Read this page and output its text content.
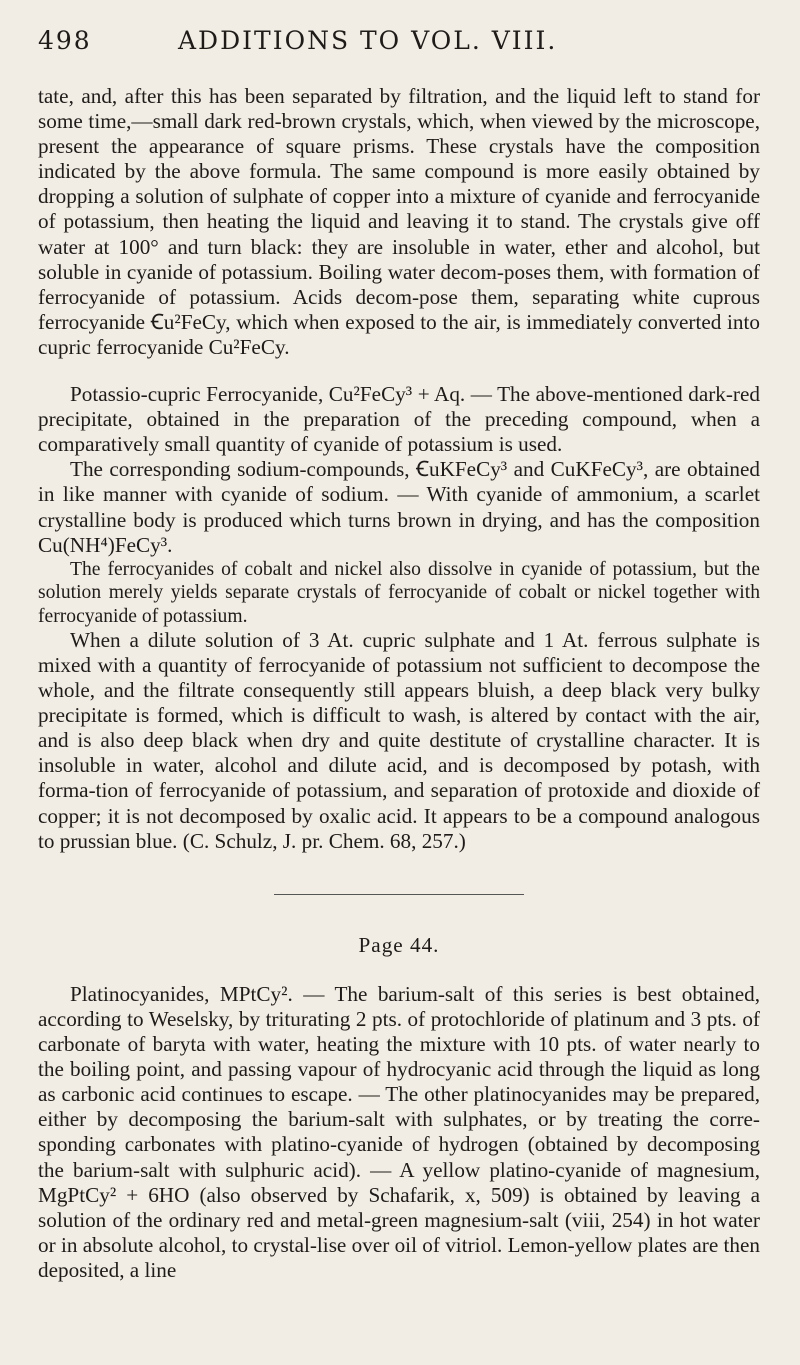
498	ADDITIONS TO VOL. VIII.

tate, and, after this has been separated by filtration, and the liquid left to stand for some time,—small dark red-brown crystals, which, when viewed by the microscope, present the appearance of square prisms. These crystals have the composition indicated by the above formula. The same compound is more easily obtained by dropping a solution of sulphate of copper into a mixture of cyanide and ferrocyanide of potassium, then heating the liquid and leaving it to stand. The crystals give off water at 100° and turn black: they are insoluble in water, ether and alcohol, but soluble in cyanide of potassium. Boiling water decom-poses them, with formation of ferrocyanide of potassium. Acids decom-pose them, separating white cuprous ferrocyanide Ꞓu²FeCy, which when exposed to the air, is immediately converted into cupric ferrocyanide Cu²FeCy.

Potassio-cupric Ferrocyanide, Cu²FeCy³ + Aq. — The above-mentioned dark-red precipitate, obtained in the preparation of the preceding compound, when a comparatively small quantity of cyanide of potassium is used.

The corresponding sodium-compounds, ꞒuKFeCy³ and CuKFeCy³, are obtained in like manner with cyanide of sodium. — With cyanide of ammonium, a scarlet crystalline body is produced which turns brown in drying, and has the composition Cu(NH⁴)FeCy³.

The ferrocyanides of cobalt and nickel also dissolve in cyanide of potassium, but the solution merely yields separate crystals of ferrocyanide of cobalt or nickel together with ferrocyanide of potassium.

When a dilute solution of 3 At. cupric sulphate and 1 At. ferrous sulphate is mixed with a quantity of ferrocyanide of potassium not sufficient to decompose the whole, and the filtrate consequently still appears bluish, a deep black very bulky precipitate is formed, which is difficult to wash, is altered by contact with the air, and is also deep black when dry and quite destitute of crystalline character. It is insoluble in water, alcohol and dilute acid, and is decomposed by potash, with forma-tion of ferrocyanide of potassium, and separation of protoxide and dioxide of copper; it is not decomposed by oxalic acid. It appears to be a compound analogous to prussian blue. (C. Schulz, J. pr. Chem. 68, 257.)

Page 44.

Platinocyanides, MPtCy². — The barium-salt of this series is best obtained, according to Weselsky, by triturating 2 pts. of protochloride of platinum and 3 pts. of carbonate of baryta with water, heating the mixture with 10 pts. of water nearly to the boiling point, and passing vapour of hydrocyanic acid through the liquid as long as carbonic acid continues to escape. — The other platinocyanides may be prepared, either by decomposing the barium-salt with sulphates, or by treating the corre-sponding carbonates with platino-cyanide of hydrogen (obtained by decomposing the barium-salt with sulphuric acid). — A yellow platino-cyanide of magnesium, MgPtCy² + 6HO (also observed by Schafarik, x, 509) is obtained by leaving a solution of the ordinary red and metal-green magnesium-salt (viii, 254) in hot water or in absolute alcohol, to crystal-lise over oil of vitriol. Lemon-yellow plates are then deposited, a line
